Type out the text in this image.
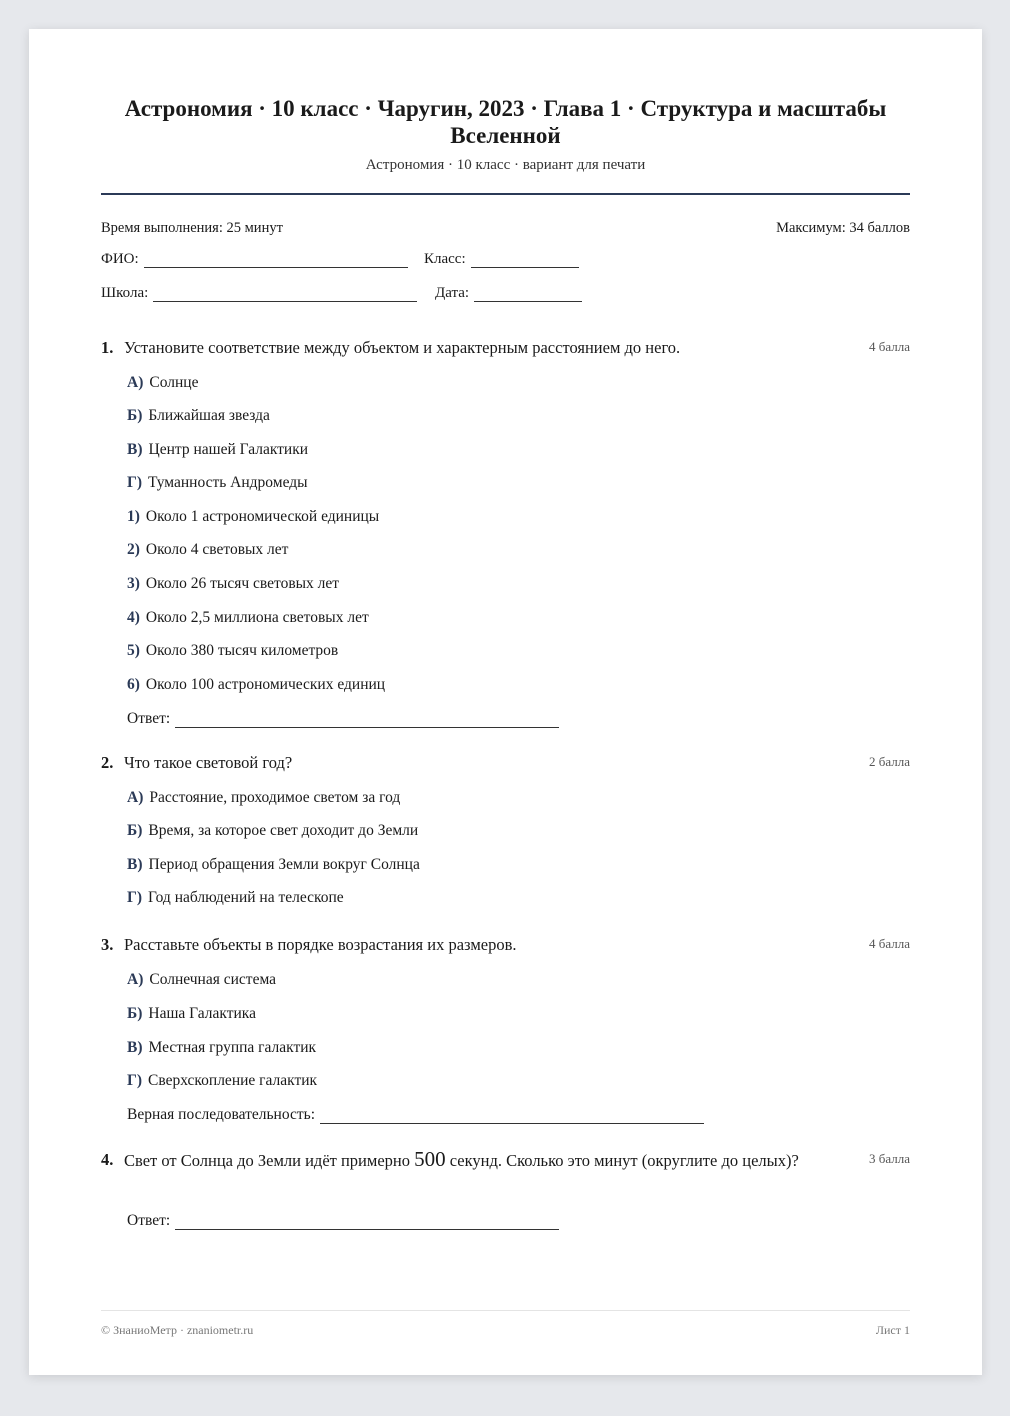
Астрономия · 10 класс · Чаругин, 2023 · Глава 1 · Структура и масштабы Вселенной
Астрономия · 10 класс · вариант для печати
Время выполнения: 25 минут	Максимум: 34 баллов
ФИО:	Класс:
Школа:	Дата:
1. Установите соответствие между объектом и характерным расстоянием до него.	4 балла
А) Солнце
Б) Ближайшая звезда
В) Центр нашей Галактики
Г) Туманность Андромеды
1) Около 1 астрономической единицы
2) Около 4 световых лет
3) Около 26 тысяч световых лет
4) Около 2,5 миллиона световых лет
5) Около 380 тысяч километров
6) Около 100 астрономических единиц
Ответ:
2. Что такое световой год?	2 балла
А) Расстояние, проходимое светом за год
Б) Время, за которое свет доходит до Земли
В) Период обращения Земли вокруг Солнца
Г) Год наблюдений на телескопе
3. Расставьте объекты в порядке возрастания их размеров.	4 балла
А) Солнечная система
Б) Наша Галактика
В) Местная группа галактик
Г) Сверхскопление галактик
Верная последовательность:
4. Свет от Солнца до Земли идёт примерно 500 секунд. Сколько это минут (округлите до целых)?	3 балла
Ответ:
© ЗнаниоМетр · znaniometr.ru	Лист 1
